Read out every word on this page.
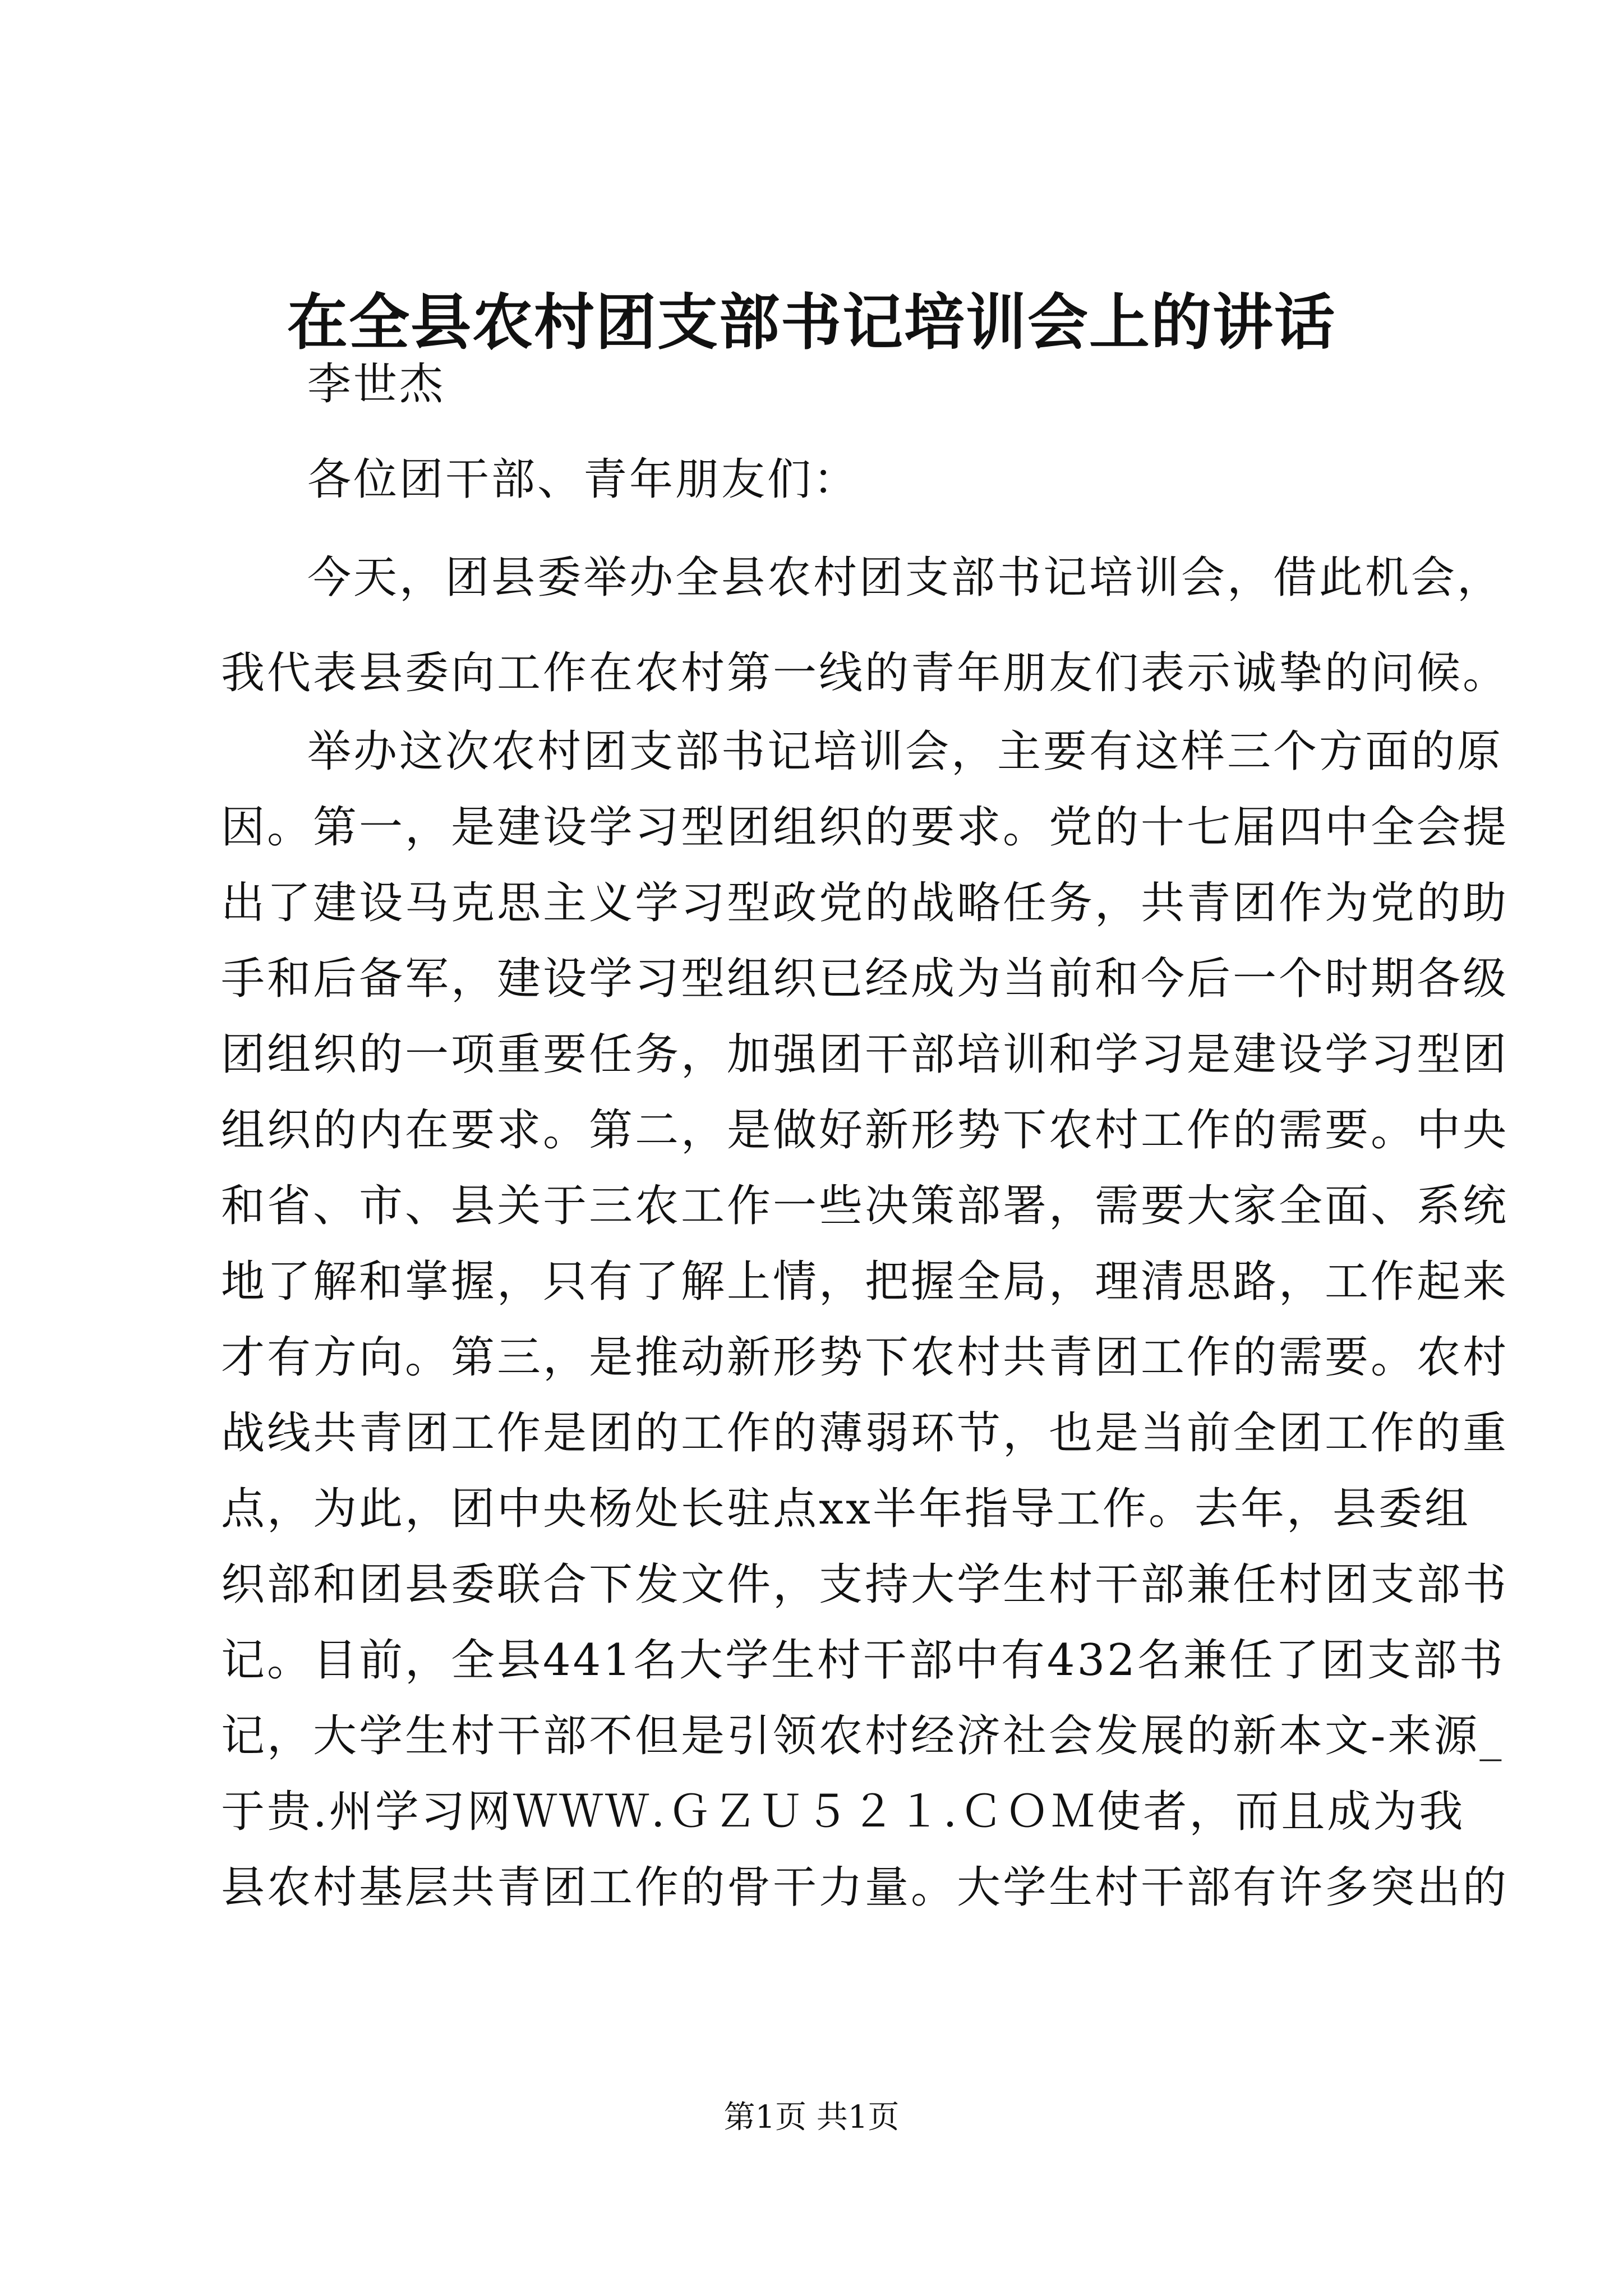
在全县农村团支部书记培训会上的讲话
李世杰
各位团干部、青年朋友们：
今天，团县委举办全县农村团支部书记培训会，借此机会，
我代表县委向工作在农村第一线的青年朋友们表示诚挚的问候。
举办这次农村团支部书记培训会，主要有这样三个方面的原
因。第一，是建设学习型团组织的要求。党的十七届四中全会提
出了建设马克思主义学习型政党的战略任务，共青团作为党的助
手和后备军，建设学习型组织已经成为当前和今后一个时期各级
团组织的一项重要任务，加强团干部培训和学习是建设学习型团
组织的内在要求。第二，是做好新形势下农村工作的需要。中央
和省、市、县关于三农工作一些决策部署，需要大家全面、系统
地了解和掌握，只有了解上情，把握全局，理清思路，工作起来
才有方向。第三，是推动新形势下农村共青团工作的需要。农村
战线共青团工作是团的工作的薄弱环节，也是当前全团工作的重
点，为此，团中央杨处长驻点xx半年指导工作。去年，县委组
织部和团县委联合下发文件，支持大学生村干部兼任村团支部书
记。目前，全县441名大学生村干部中有432名兼任了团支部书
记，大学生村干部不但是引领农村经济社会发展的新本文-来源_
于贵.州学习网ＷＷＷ.ＧＺＵ５２１.ＣＯＭ使者，而且成为我
县农村基层共青团工作的骨干力量。大学生村干部有许多突出的
第1页 共1页
